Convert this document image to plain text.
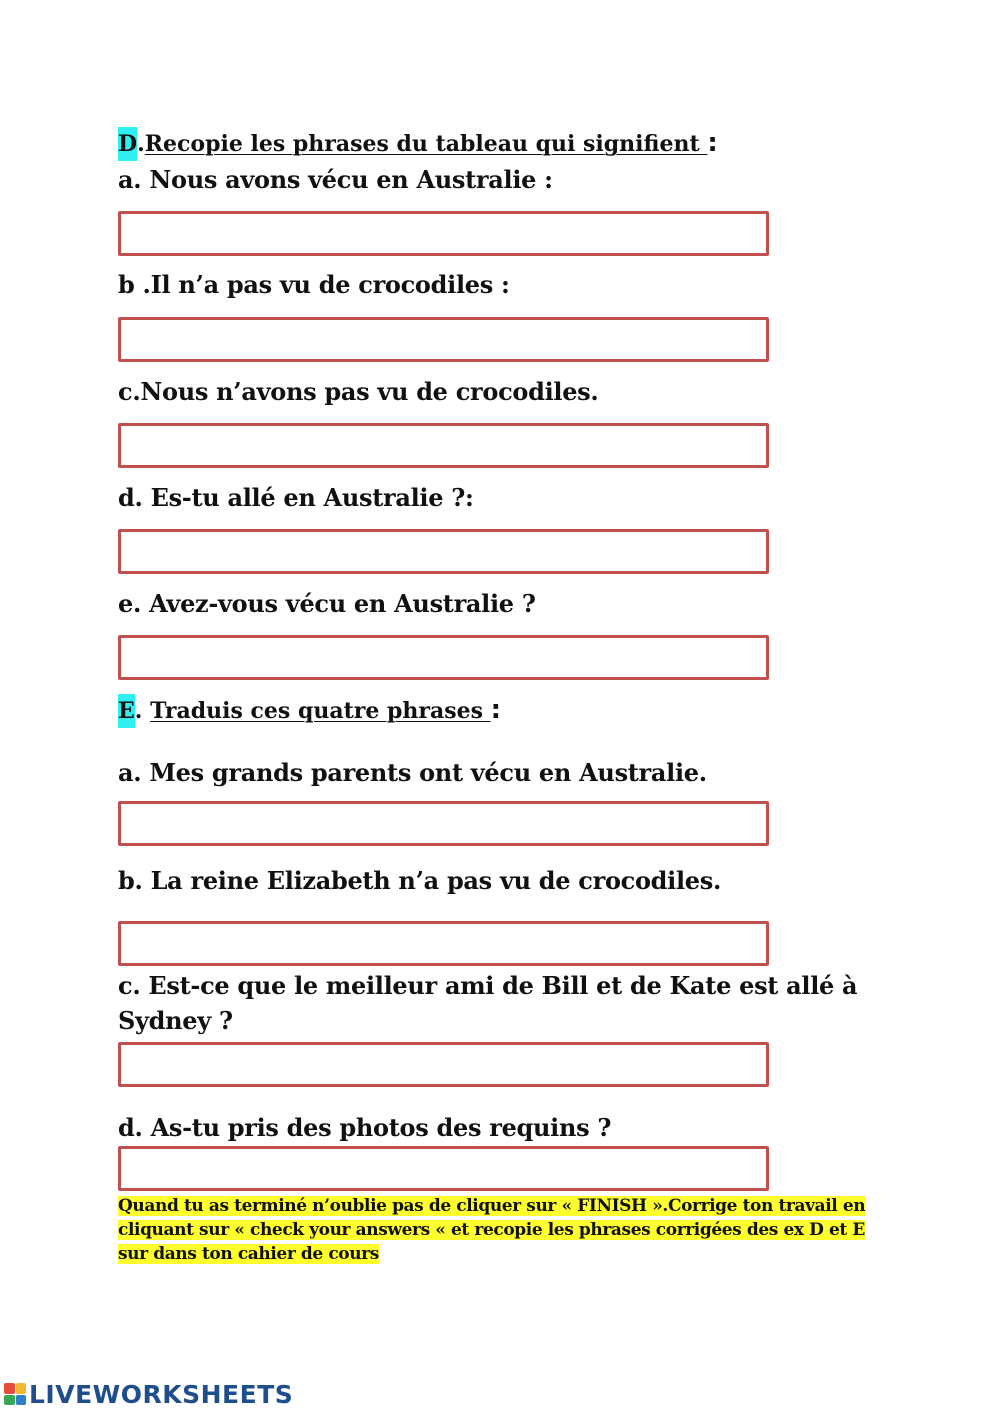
D.Recopie les phrases du tableau qui signifient :
a. Nous avons vécu en Australie :
b .Il n’a pas vu de crocodiles :
c.Nous n’avons pas vu de crocodiles.
d. Es-tu allé en Australie ?:
e. Avez-vous vécu en Australie ?
E. Traduis ces quatre phrases :
a. Mes grands parents ont vécu en Australie.
b. La reine Elizabeth n’a pas vu de crocodiles.
c. Est-ce que le meilleur ami de Bill et de Kate est allé à Sydney ?
d. As-tu pris des photos des requins ?
Quand tu as terminé n’oublie pas de cliquer sur « FINISH ».Corrige ton travail en
cliquant sur « check your answers « et recopie les phrases corrigées des ex D et E
sur dans ton cahier de cours
LIVEWORKSHEETS
